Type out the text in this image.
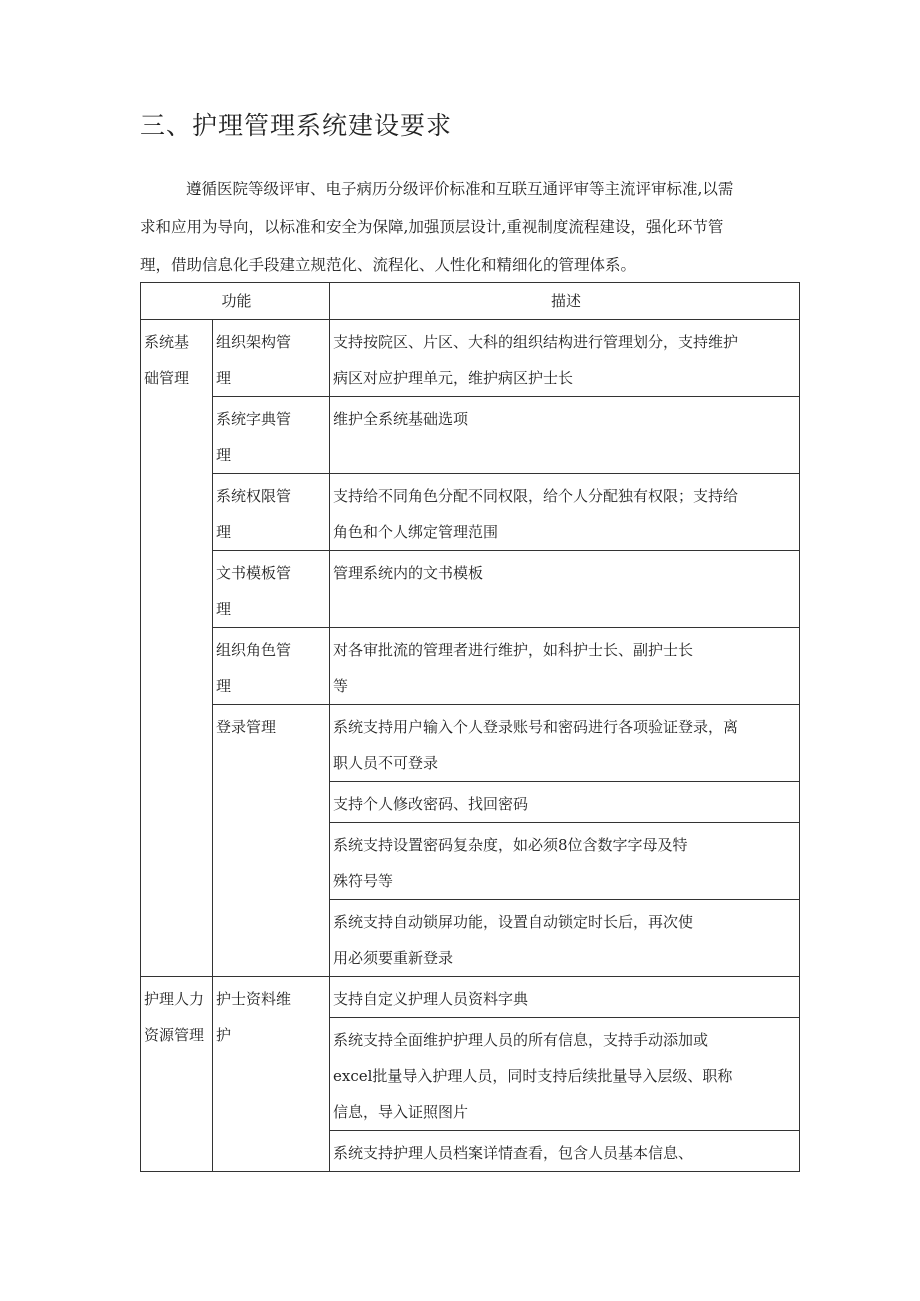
三、护理管理系统建设要求
遵循医院等级评审、电子病历分级评价标准和互联互通评审等主流评审标准,以需
求和应用为导向，以标准和安全为保障,加强顶层设计,重视制度流程建设，强化环节管
理，借助信息化手段建立规范化、流程化、人性化和精细化的管理体系。
功能		描述

系统基
础管理	组织架构管
理	支持按院区、片区、大科的组织结构进行管理划分，支持维护
病区对应护理单元，维护病区护士长

	系统字典管
理	维护全系统基础选项

	系统权限管
理	支持给不同角色分配不同权限，给个人分配独有权限；支持给
角色和个人绑定管理范围

	文书模板管
理	管理系统内的文书模板

	组织角色管
理	对各审批流的管理者进行维护，如科护士长、副护士长
等

	登录管理	系统支持用户输入个人登录账号和密码进行各项验证登录，离
职人员不可登录

		支持个人修改密码、找回密码

		系统支持设置密码复杂度，如必须8位含数字字母及特
殊符号等

		系统支持自动锁屏功能，设置自动锁定时长后，再次使
用必须要重新登录

护理人力
资源管理	护士资料维
护	支持自定义护理人员资料字典

		系统支持全面维护护理人员的所有信息，支持手动添加或
excel批量导入护理人员，同时支持后续批量导入层级、职称
信息，导入证照图片

		系统支持护理人员档案详情查看，包含人员基本信息、
